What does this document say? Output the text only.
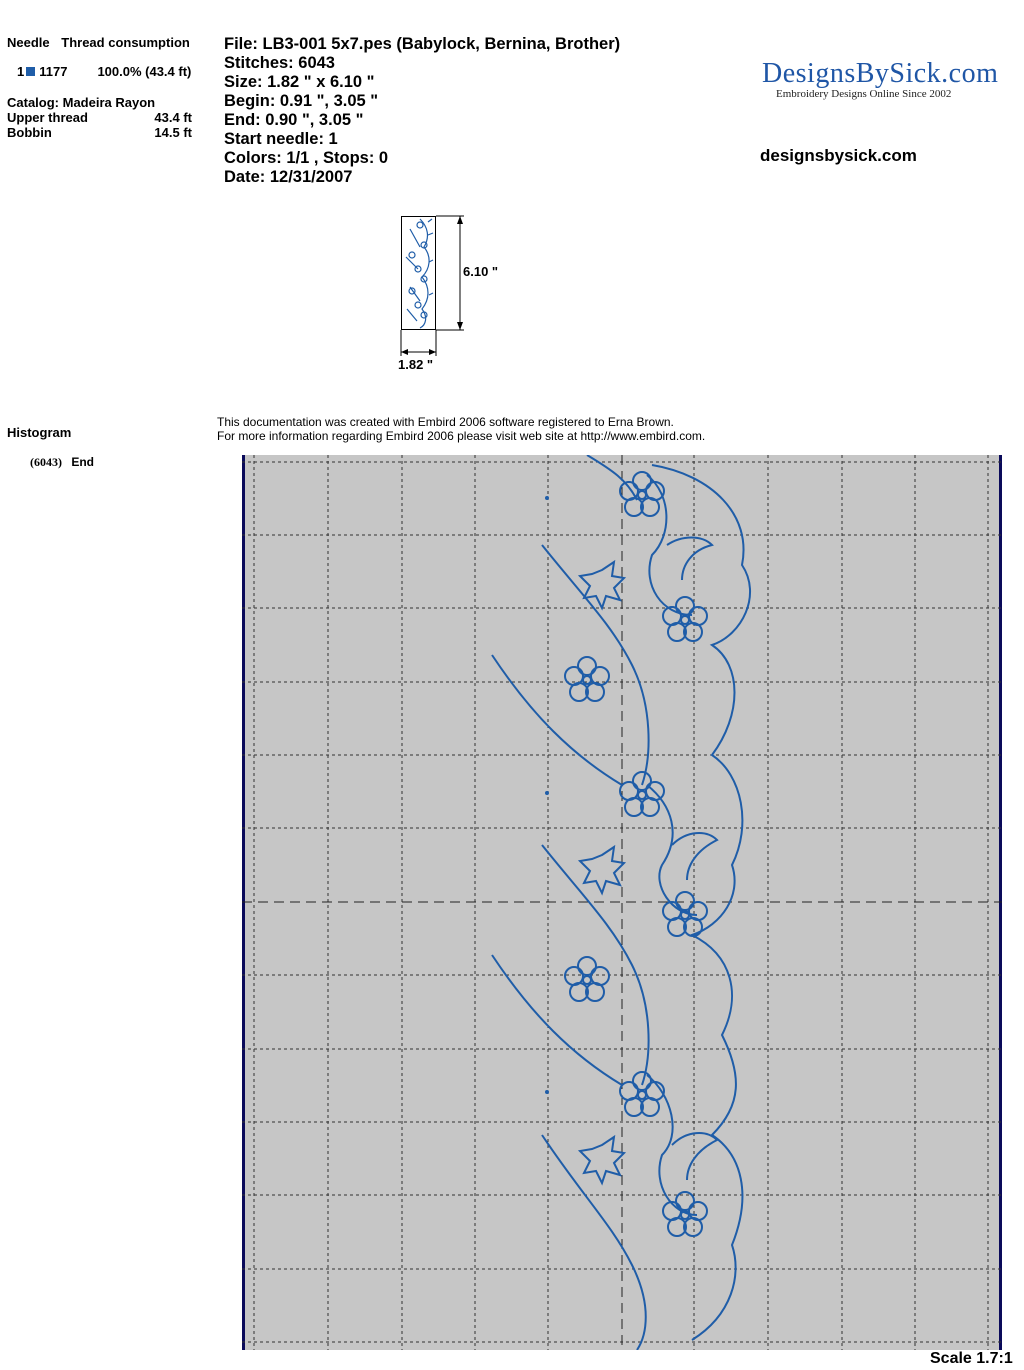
Needle Thread consumption
1 1177 100.0% (43.4 ft)
Catalog: Madeira Rayon
Upper thread	43.4 ft
Bobbin	14.5 ft
File: LB3-001 5x7.pes (Babylock, Bernina, Brother)
Stitches: 6043
Size: 1.82 " x 6.10 "
Begin: 0.91 ", 3.05 "
End: 0.90 ", 3.05 "
Start needle: 1
Colors: 1/1 , Stops: 0
Date: 12/31/2007
DesignsBySick.com
Embroidery Designs Online Since 2002
designsbysick.com
6.10 "
1.82 "
Histogram
(6043) End
This documentation was created with Embird 2006 software registered to Erna Brown.
For more information regarding Embird 2006 please visit web site at http://www.embird.com.
Scale 1.7:1
